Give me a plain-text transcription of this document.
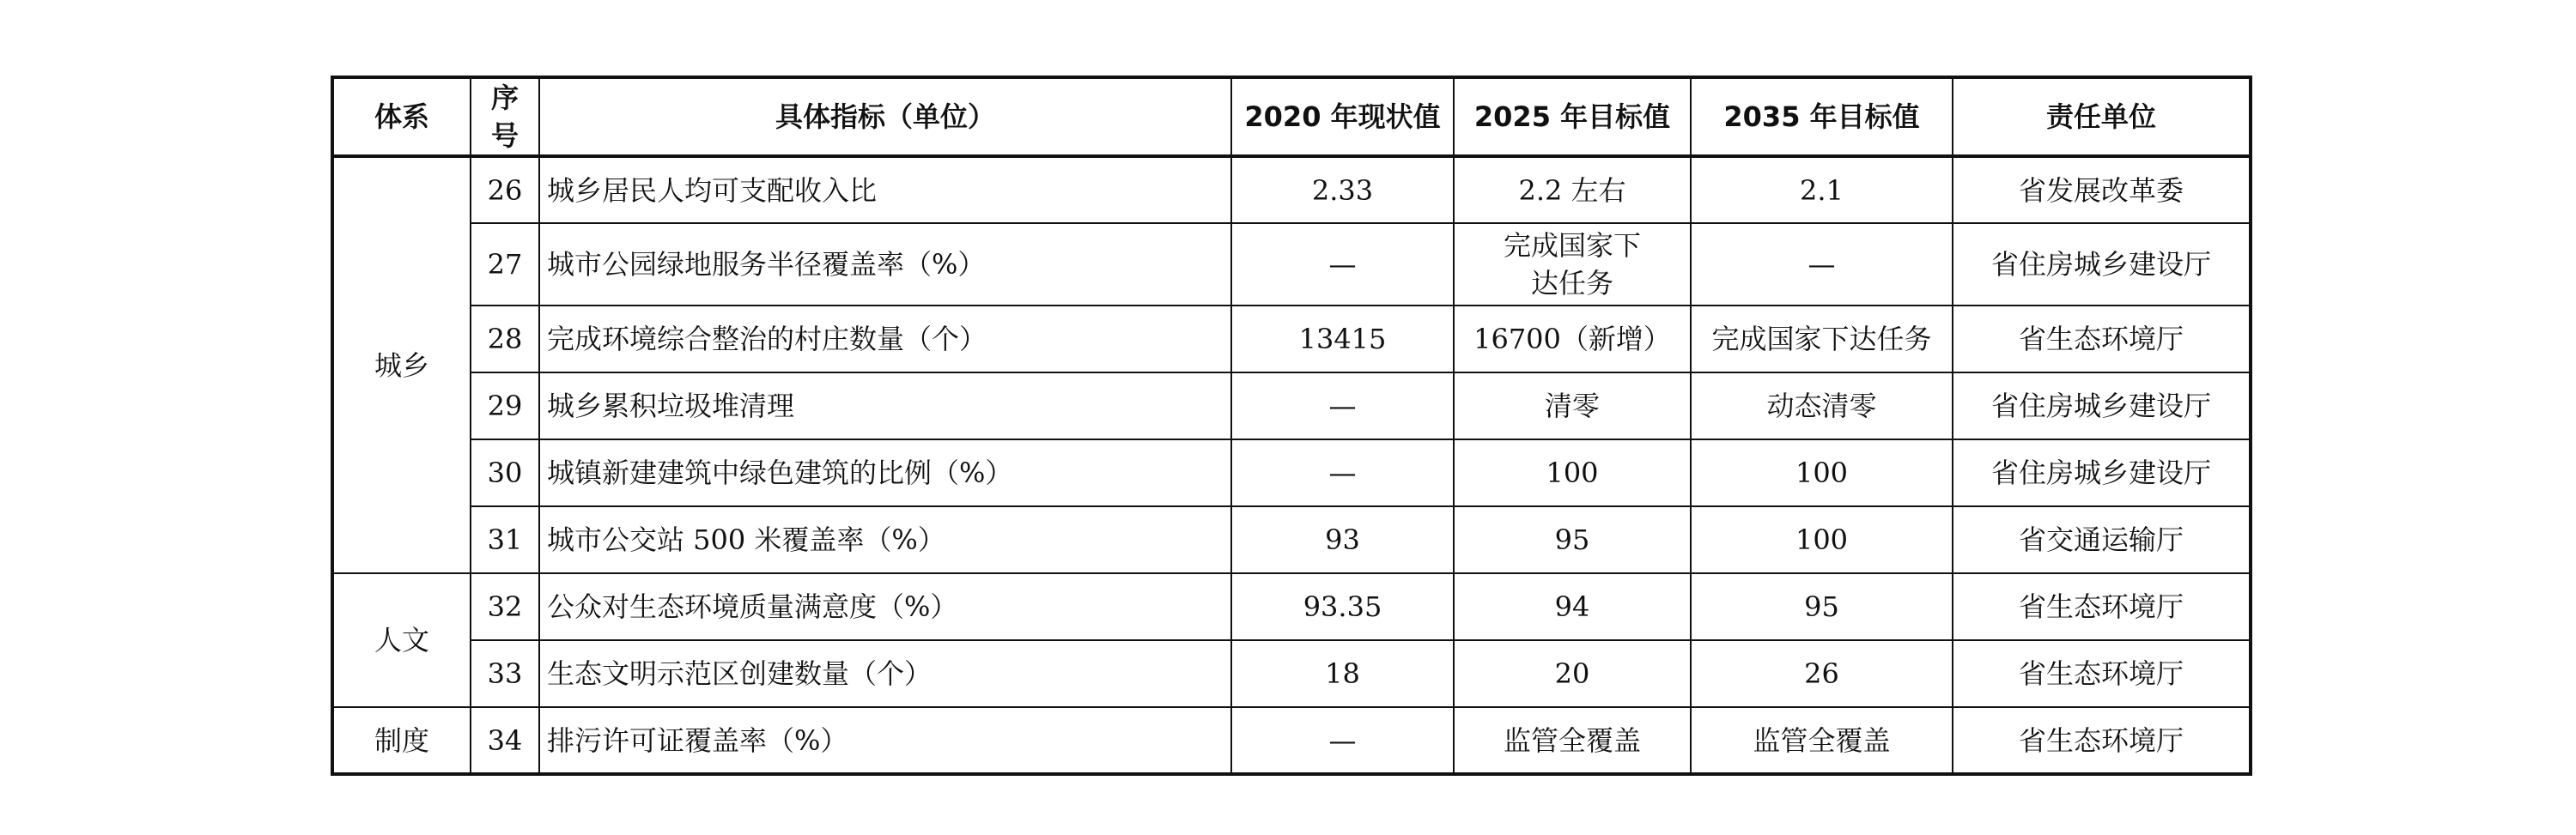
体系	序号	具体指标（单位）	2020 年现状值	2025 年目标值	2035 年目标值	责任单位
城乡	26	城乡居民人均可支配收入比	2.33	2.2 左右	2.1	省发展改革委
	27	城市公园绿地服务半径覆盖率（%）	—	完成国家下达任务	—	省住房城乡建设厅
	28	完成环境综合整治的村庄数量（个）	13415	16700（新增）	完成国家下达任务	省生态环境厅
	29	城乡累积垃圾堆清理	—	清零	动态清零	省住房城乡建设厅
	30	城镇新建建筑中绿色建筑的比例（%）	—	100	100	省住房城乡建设厅
	31	城市公交站 500 米覆盖率（%）	93	95	100	省交通运输厅
人文	32	公众对生态环境质量满意度（%）	93.35	94	95	省生态环境厅
	33	生态文明示范区创建数量（个）	18	20	26	省生态环境厅
制度	34	排污许可证覆盖率（%）	—	监管全覆盖	监管全覆盖	省生态环境厅
